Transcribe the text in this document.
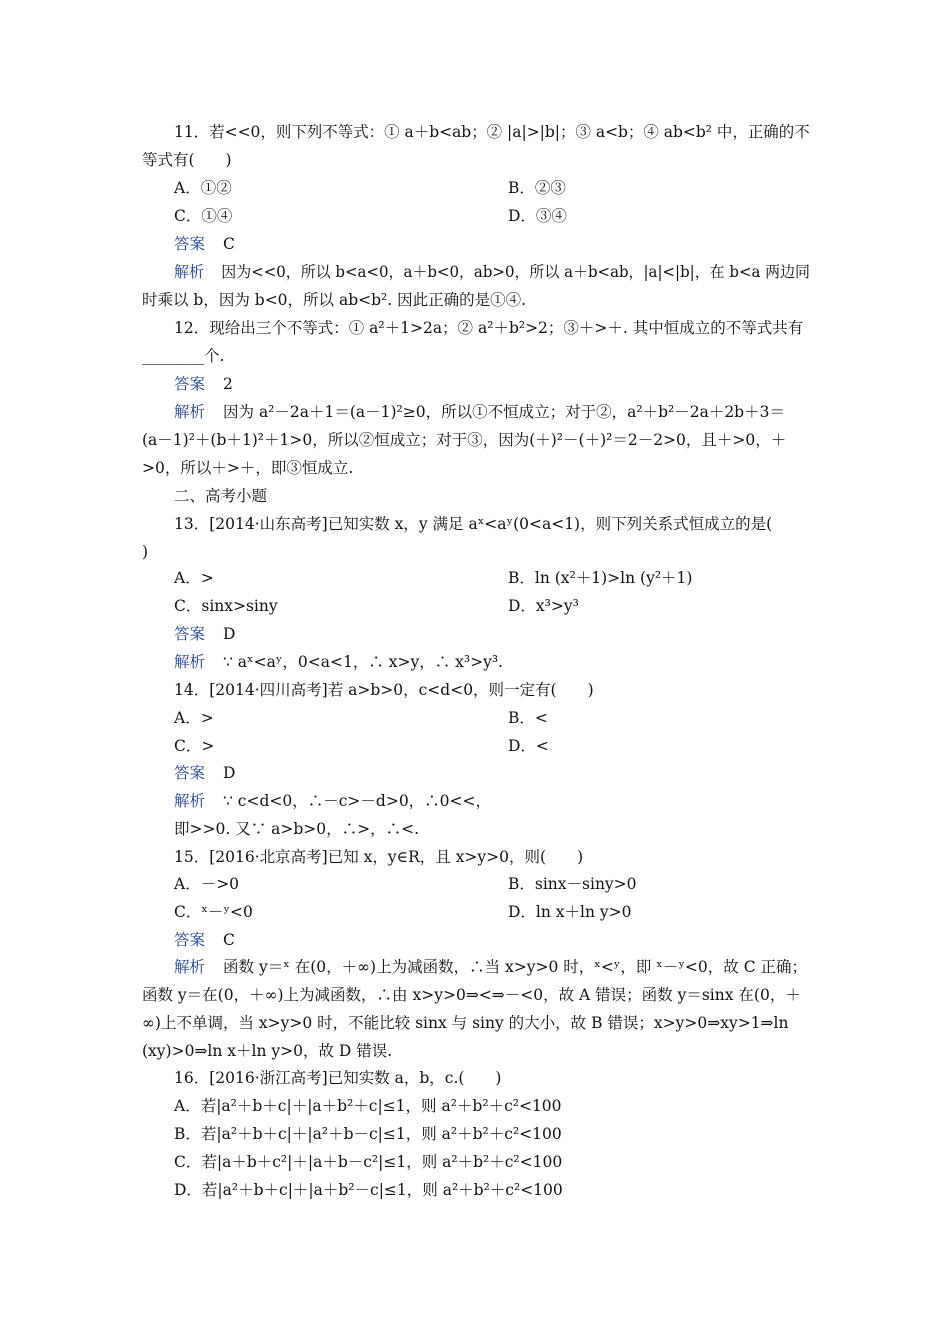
11．若<<0，则下列不等式：① a＋b<ab；② |a|>|b|；③ a<b；④ ab<b² 中，正确的不
等式有(　　)
A．①②	B．②③
C．①④	D．③④
答案 C
解析 因为<<0，所以 b<a<0，a＋b<0，ab>0，所以 a＋b<ab，|a|<|b|，在 b<a 两边同
时乘以 b，因为 b<0，所以 ab<b². 因此正确的是①④.
12．现给出三个不等式：① a²＋1>2a；② a²＋b²>2；③＋>＋. 其中恒成立的不等式共有
________个.
答案 2
解析 因为 a²－2a＋1＝(a－1)²≥0，所以①不恒成立；对于②，a²＋b²－2a＋2b＋3＝
(a－1)²＋(b＋1)²＋1>0，所以②恒成立；对于③，因为(＋)²－(＋)²＝2－2>0，且＋>0，＋
>0，所以＋>＋，即③恒成立.
二、高考小题
13．[2014·山东高考]已知实数 x，y 满足 aˣ<aʸ(0<a<1)，则下列关系式恒成立的是(
)
A．>	B．ln (x²＋1)>ln (y²＋1)
C．sinx>siny	D．x³>y³
答案 D
解析 ∵ aˣ<aʸ，0<a<1，∴ x>y，∴ x³>y³.
14．[2014·四川高考]若 a>b>0，c<d<0，则一定有(　　)
A．>	B．<
C．>	D．<
答案 D
解析 ∵ c<d<0，∴－c>－d>0，∴0<<，
即>>0. 又∵ a>b>0，∴>，∴<.
15．[2016·北京高考]已知 x，y∈R，且 x>y>0，则(　　)
A．－>0	B．sinx－siny>0
C．ˣ－ʸ<0	D．ln x＋ln y>0
答案 C
解析 函数 y＝ˣ 在(0，＋∞)上为减函数，∴当 x>y>0 时，ˣ<ʸ，即 ˣ－ʸ<0，故 C 正确；
函数 y＝在(0，＋∞)上为减函数，∴由 x>y>0⇒<⇒－<0，故 A 错误；函数 y＝sinx 在(0，＋
∞)上不单调，当 x>y>0 时，不能比较 sinx 与 siny 的大小，故 B 错误；x>y>0⇒xy>1⇒ln
(xy)>0⇒ln x＋ln y>0，故 D 错误.
16．[2016·浙江高考]已知实数 a，b，c.(　　)
A．若|a²＋b＋c|＋|a＋b²＋c|≤1，则 a²＋b²＋c²<100
B．若|a²＋b＋c|＋|a²＋b－c|≤1，则 a²＋b²＋c²<100
C．若|a＋b＋c²|＋|a＋b－c²|≤1，则 a²＋b²＋c²<100
D．若|a²＋b＋c|＋|a＋b²－c|≤1，则 a²＋b²＋c²<100
